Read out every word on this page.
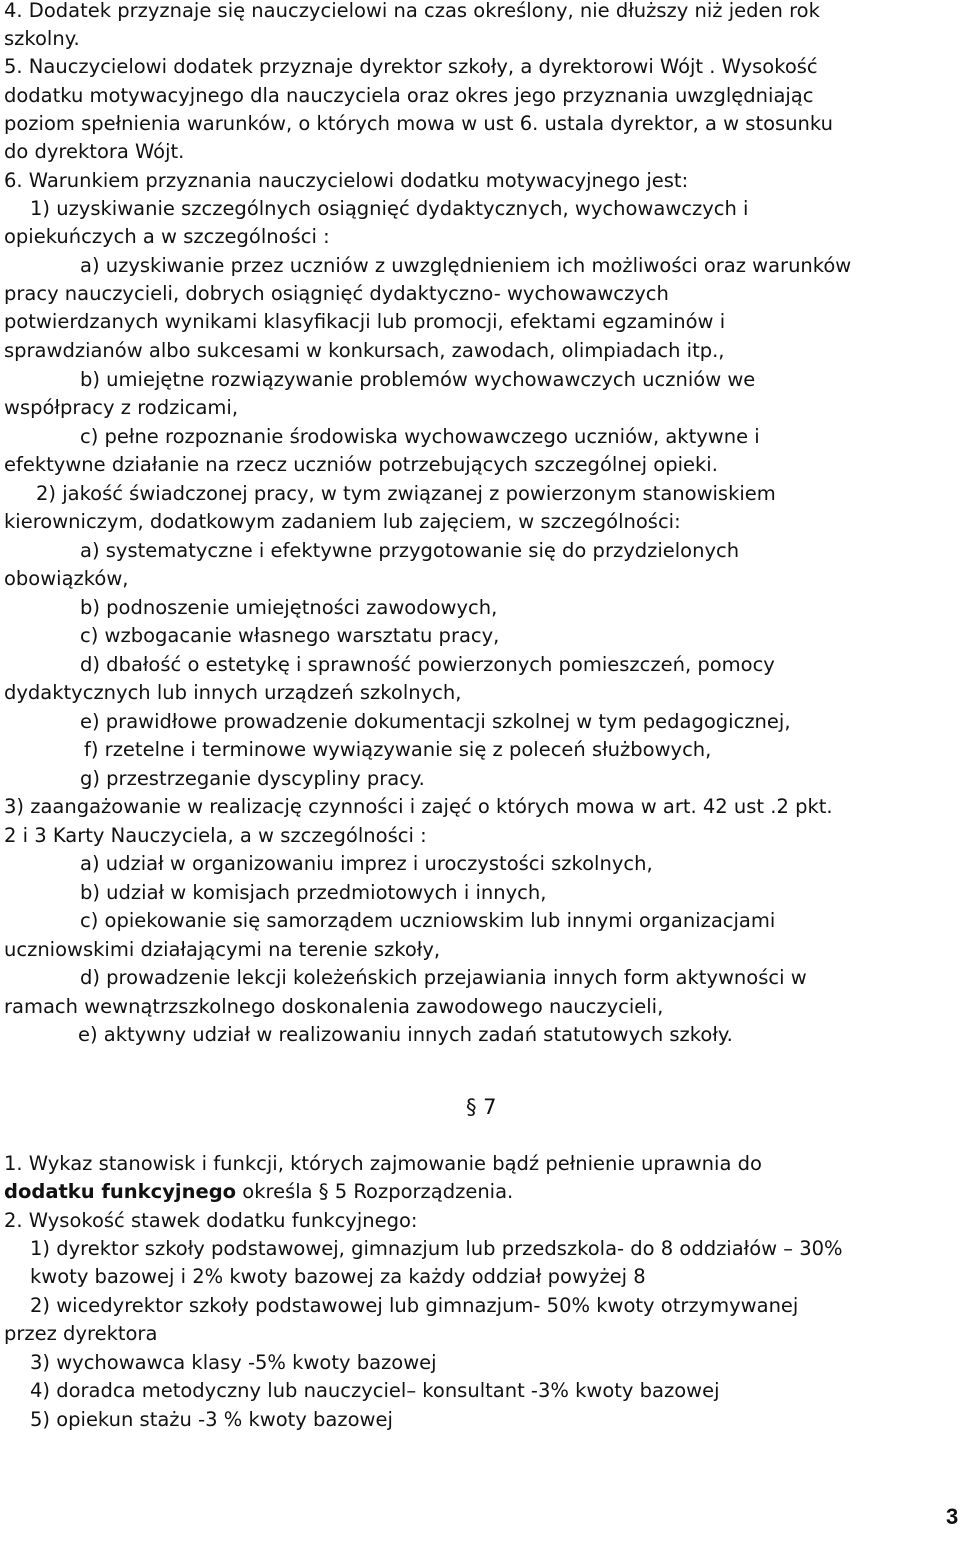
4. Dodatek przyznaje się nauczycielowi na czas określony, nie dłuższy niż jeden rok
szkolny.
5. Nauczycielowi dodatek przyznaje dyrektor szkoły, a dyrektorowi Wójt . Wysokość
dodatku motywacyjnego dla nauczyciela oraz okres jego przyznania uwzględniając
poziom spełnienia warunków, o których mowa w ust 6. ustala dyrektor, a w stosunku
do dyrektora Wójt.
6. Warunkiem przyznania nauczycielowi dodatku motywacyjnego jest:
1) uzyskiwanie szczególnych osiągnięć dydaktycznych, wychowawczych i
opiekuńczych a w szczególności :
a) uzyskiwanie przez uczniów z uwzględnieniem ich możliwości oraz warunków
pracy nauczycieli, dobrych osiągnięć dydaktyczno- wychowawczych
potwierdzanych wynikami klasyfikacji lub promocji, efektami egzaminów i
sprawdzianów albo sukcesami w konkursach, zawodach, olimpiadach itp.,
b) umiejętne rozwiązywanie problemów wychowawczych uczniów we
współpracy z rodzicami,
c) pełne rozpoznanie środowiska wychowawczego uczniów, aktywne i
efektywne działanie na rzecz uczniów potrzebujących szczególnej opieki.
2) jakość świadczonej pracy, w tym związanej z powierzonym stanowiskiem
kierowniczym, dodatkowym zadaniem lub zajęciem, w szczególności:
a) systematyczne i efektywne przygotowanie się do przydzielonych
obowiązków,
b) podnoszenie umiejętności zawodowych,
c) wzbogacanie własnego warsztatu pracy,
d) dbałość o estetykę i sprawność powierzonych pomieszczeń, pomocy
dydaktycznych lub innych urządzeń szkolnych,
e) prawidłowe prowadzenie dokumentacji szkolnej w tym pedagogicznej,
f) rzetelne i terminowe wywiązywanie się z poleceń służbowych,
g) przestrzeganie dyscypliny pracy.
3) zaangażowanie w realizację czynności i zajęć o których mowa w art. 42 ust .2 pkt.
2 i 3 Karty Nauczyciela, a w szczególności :
a) udział w organizowaniu imprez i uroczystości szkolnych,
b) udział w komisjach przedmiotowych i innych,
c) opiekowanie się samorządem uczniowskim lub innymi organizacjami
uczniowskimi działającymi na terenie szkoły,
d) prowadzenie lekcji koleżeńskich przejawiania innych form aktywności w
ramach wewnątrzszkolnego doskonalenia zawodowego nauczycieli,
e) aktywny udział w realizowaniu innych zadań statutowych szkoły.
§ 7
1. Wykaz stanowisk i funkcji, których zajmowanie bądź pełnienie uprawnia do
dodatku funkcyjnego określa § 5 Rozporządzenia.
2. Wysokość stawek dodatku funkcyjnego:
1) dyrektor szkoły podstawowej, gimnazjum lub przedszkola- do 8 oddziałów – 30%
kwoty bazowej i 2% kwoty bazowej za każdy oddział powyżej 8
2) wicedyrektor szkoły podstawowej lub gimnazjum- 50% kwoty otrzymywanej
przez dyrektora
3) wychowawca klasy -5% kwoty bazowej
4) doradca metodyczny lub nauczyciel– konsultant -3% kwoty bazowej
5) opiekun stażu -3 % kwoty bazowej
3
